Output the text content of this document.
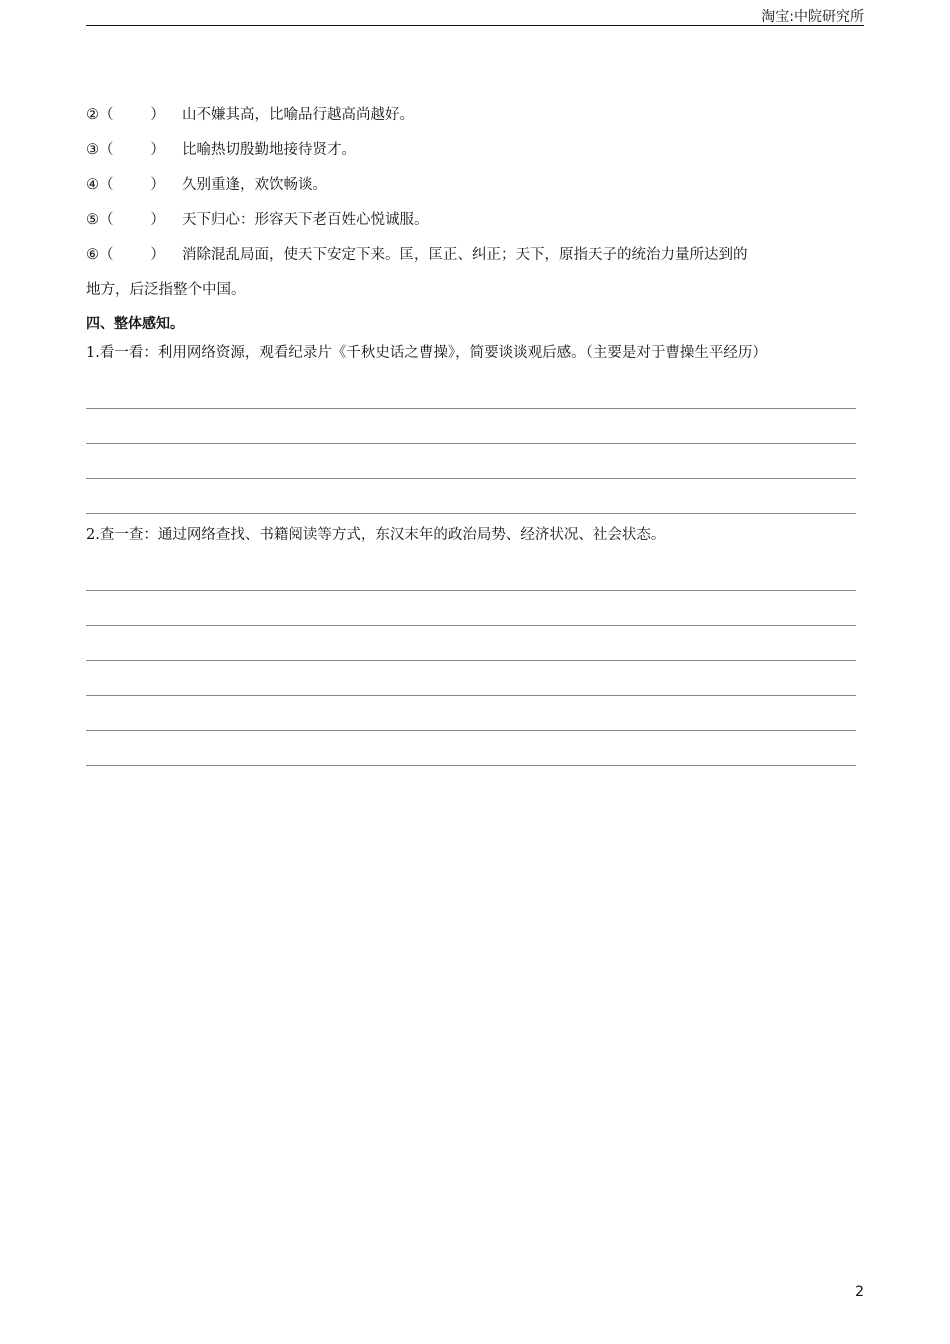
淘宝:中院研究所
②（        ）	山不嫌其高，比喻品行越高尚越好。
③（        ）	比喻热切殷勤地接待贤才。
④（        ）	久别重逢，欢饮畅谈。
⑤（        ）	天下归心：形容天下老百姓心悦诚服。
⑥（        ） 消除混乱局面，使天下安定下来。匡，匡正、纠正；天下，原指天子的统治力量所达到的
地方，后泛指整个中国。
四、整体感知。
1.看一看：利用网络资源，观看纪录片《千秋史话之曹操》，简要谈谈观后感。（主要是对于曹操生平经历）
2.查一查：通过网络查找、书籍阅读等方式，东汉末年的政治局势、经济状况、社会状态。
2
